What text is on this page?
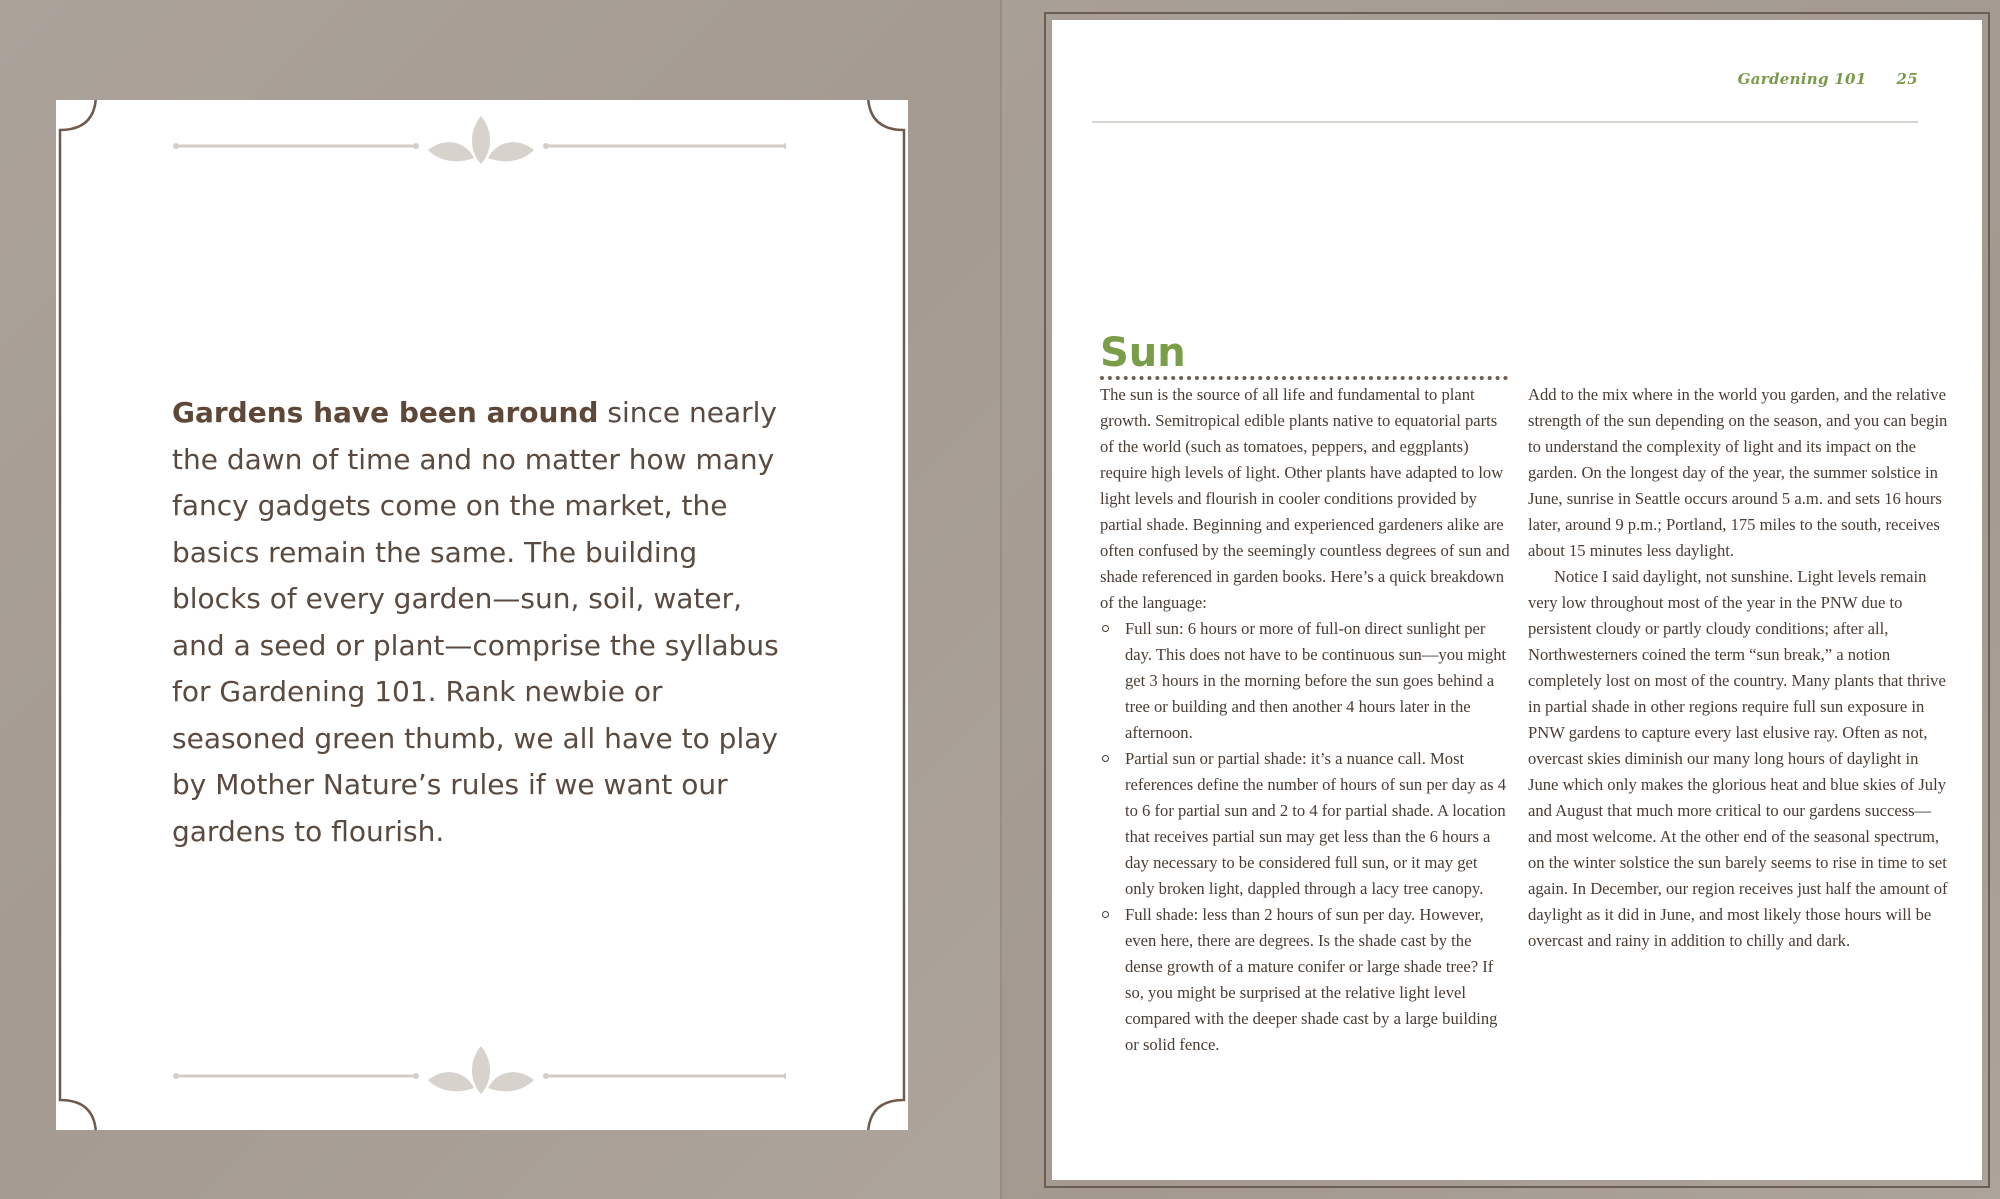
Gardens have been around since nearly the dawn of time and no matter how many fancy gadgets come on the market, the basics remain the same. The building blocks of every garden—sun, soil, water, and a seed or plant—comprise the syllabus for Gardening 101. Rank newbie or seasoned green thumb, we all have to play by Mother Nature’s rules if we want our gardens to flourish.

Gardening 101 25
Sun

The sun is the source of all life and fundamental to plant growth. Semitropical edible plants native to equatorial parts of the world (such as tomatoes, peppers, and eggplants) require high levels of light. Other plants have adapted to low light levels and flourish in cooler conditions provided by partial shade. Beginning and experienced gardeners alike are often confused by the seemingly countless degrees of sun and shade referenced in garden books. Here’s a quick breakdown of the language:

Full sun: 6 hours or more of full-on direct sunlight per day. This does not have to be continuous sun—you might get 3 hours in the morning before the sun goes behind a tree or building and then another 4 hours later in the afternoon.
Partial sun or partial shade: it’s a nuance call. Most references define the number of hours of sun per day as 4 to 6 for partial sun and 2 to 4 for partial shade. A location that receives partial sun may get less than the 6 hours a day necessary to be considered full sun, or it may get only broken light, dappled through a lacy tree canopy.
Full shade: less than 2 hours of sun per day. However, even here, there are degrees. Is the shade cast by the dense growth of a mature conifer or large shade tree? If so, you might be surprised at the relative light level compared with the deeper shade cast by a large building or solid fence.

Add to the mix where in the world you garden, and the relative strength of the sun depending on the season, and you can begin to understand the complexity of light and its impact on the garden. On the longest day of the year, the summer solstice in June, sunrise in Seattle occurs around 5 a.m. and sets 16 hours later, around 9 p.m.; Portland, 175 miles to the south, receives about 15 minutes less daylight.

Notice I said daylight, not sunshine. Light levels remain very low throughout most of the year in the PNW due to persistent cloudy or partly cloudy conditions; after all, Northwesterners coined the term “sun break,” a notion completely lost on most of the country. Many plants that thrive in partial shade in other regions require full sun exposure in PNW gardens to capture every last elusive ray. Often as not, overcast skies diminish our many long hours of daylight in June which only makes the glorious heat and blue skies of July and August that much more critical to our gardens success—and most welcome. At the other end of the seasonal spectrum, on the winter solstice the sun barely seems to rise in time to set again. In December, our region receives just half the amount of daylight as it did in June, and most likely those hours will be overcast and rainy in addition to chilly and dark.
